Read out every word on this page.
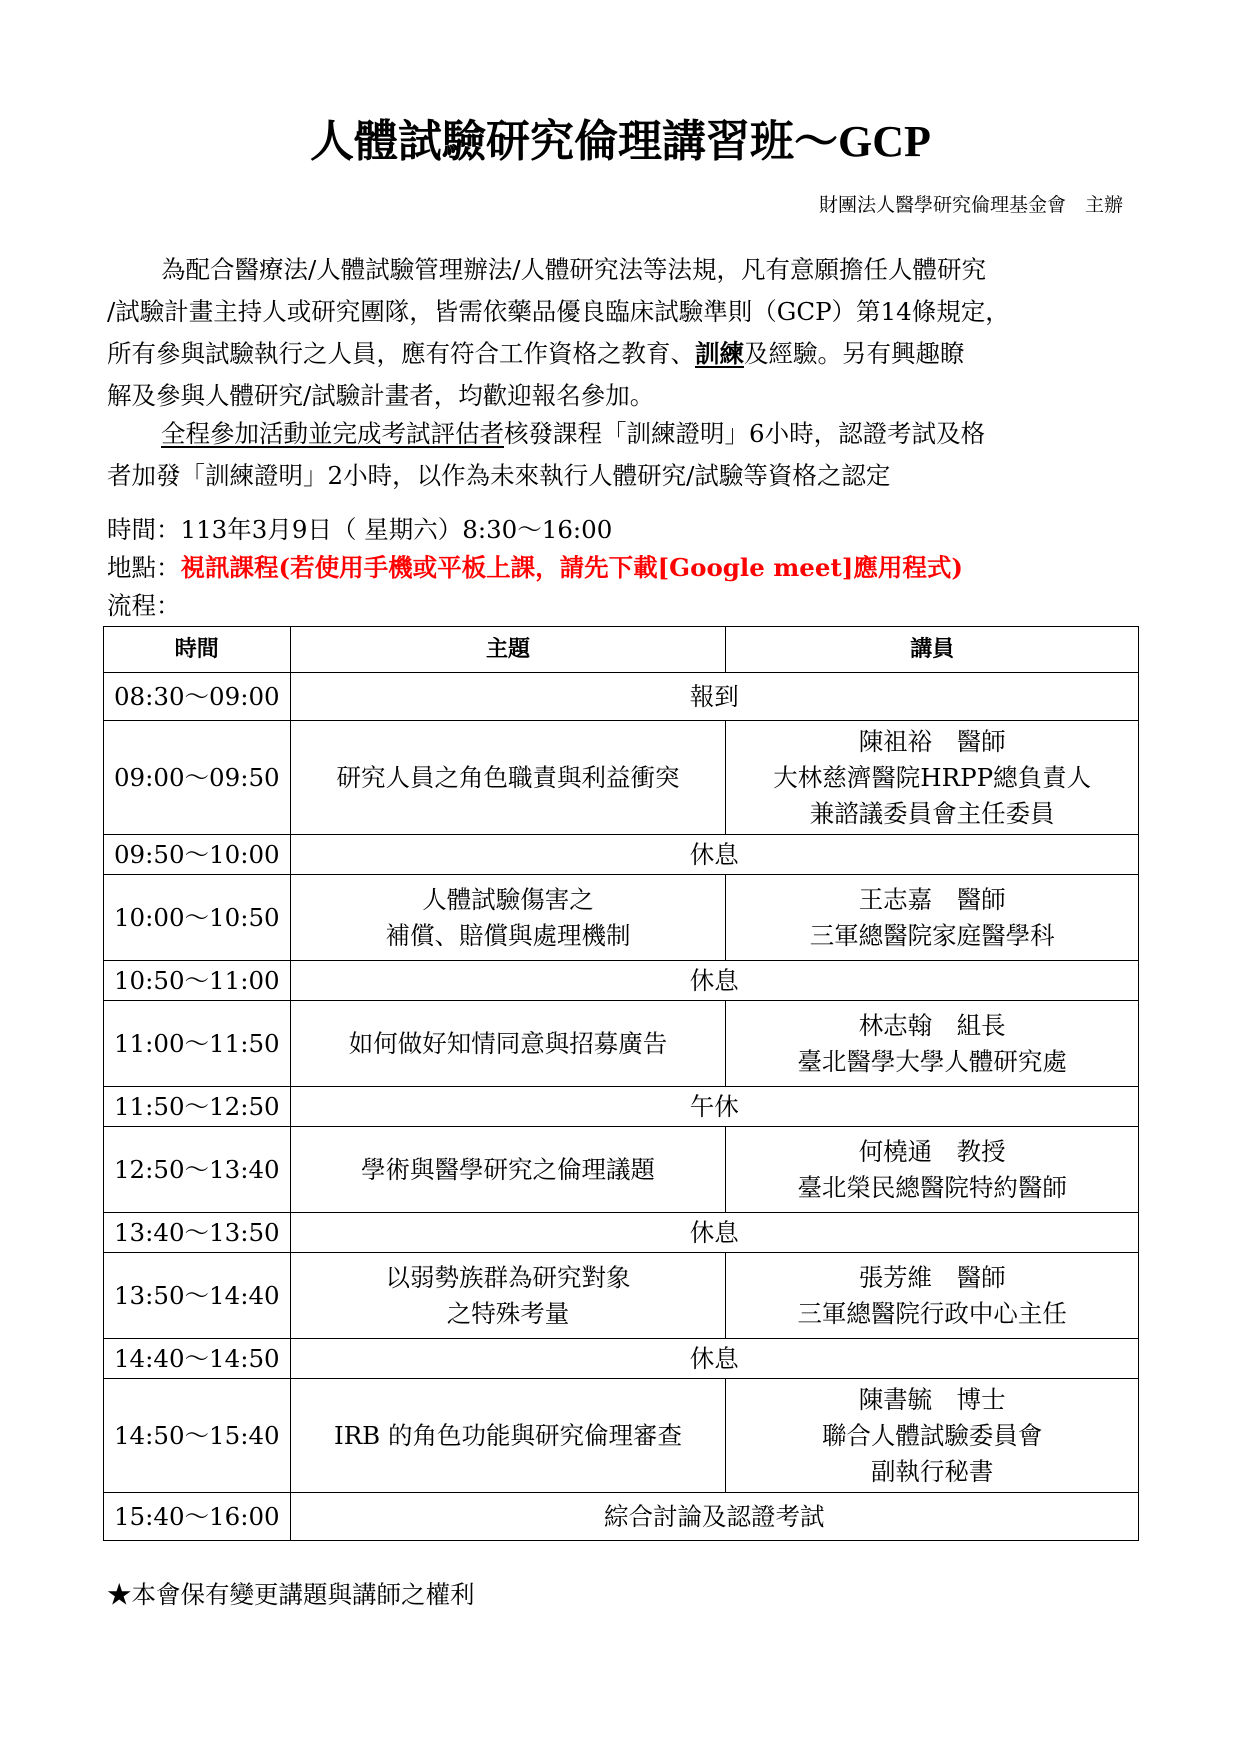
人體試驗研究倫理講習班～GCP
財團法人醫學研究倫理基金會　主辦
為配合醫療法/人體試驗管理辦法/人體研究法等法規，凡有意願擔任人體研究
/試驗計畫主持人或研究團隊，皆需依藥品優良臨床試驗準則（GCP）第14條規定，
所有參與試驗執行之人員，應有符合工作資格之教育、訓練及經驗。另有興趣瞭
解及參與人體研究/試驗計畫者，均歡迎報名參加。
全程參加活動並完成考試評估者核發課程「訓練證明」6小時，認證考試及格
者加發「訓練證明」2小時，以作為未來執行人體研究/試驗等資格之認定
時間：113年3月9日（ 星期六）8:30～16:00
地點：視訊課程(若使用手機或平板上課，請先下載[Google meet]應用程式)
流程：
時間	主題	講員
08:30～09:00	報到	
09:00～09:50	研究人員之角色職責與利益衝突	陳祖裕　醫師
大林慈濟醫院HRPP總負責人
兼諮議委員會主任委員

09:50～10:00	休息	
10:00～10:50	人體試驗傷害之
補償、賠償與處理機制	王志嘉　醫師
三軍總醫院家庭醫學科

10:50～11:00	休息	
11:00～11:50	如何做好知情同意與招募廣告	林志翰　組長
臺北醫學大學人體研究處

11:50～12:50	午休	
12:50～13:40	學術與醫學研究之倫理議題	何橈通　教授
臺北榮民總醫院特約醫師

13:40～13:50	休息	
13:50～14:40	以弱勢族群為研究對象
之特殊考量	張芳維　醫師
三軍總醫院行政中心主任

14:40～14:50	休息	
14:50～15:40	IRB 的角色功能與研究倫理審查	陳書毓　博士
聯合人體試驗委員會
副執行秘書

15:40～16:00	綜合討論及認證考試	
★本會保有變更講題與講師之權利
